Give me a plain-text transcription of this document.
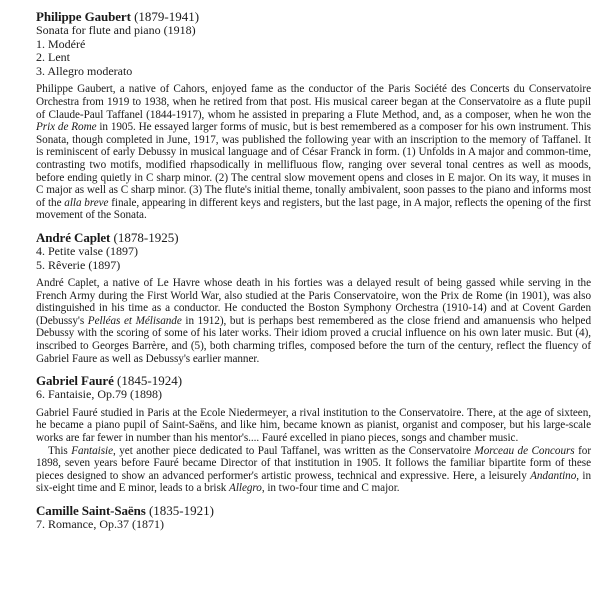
Philippe Gaubert (1879-1941)

Sonata for flute and piano (1918)
1. Modéré
2. Lent
3. Allegro moderato

Philippe Gaubert, a native of Cahors, enjoyed fame as the conductor of the Paris Société des Concerts du Conservatoire Orchestra from 1919 to 1938, when he retired from that post. His musical career began at the Conservatoire as a flute pupil of Claude-Paul Taffanel (1844-1917), whom he assisted in preparing a Flute Method, and, as a composer, when he won the Prix de Rome in 1905. He essayed larger forms of music, but is best remembered as a composer for his own instrument. This Sonata, though completed in June, 1917, was published the following year with an inscription to the memory of Taffanel. It is reminiscent of early Debussy in musical language and of César Franck in form. (1) Unfolds in A major and common-time, contrasting two motifs, modified rhapsodically in mellifluous flow, ranging over several tonal centres as well as moods, before ending quietly in C sharp minor. (2) The central slow movement opens and closes in E major. On its way, it muses in C major as well as C sharp minor. (3) The flute's initial theme, tonally ambivalent, soon passes to the piano and informs most of the alla breve finale, appearing in different keys and registers, but the last page, in A major, reflects the opening of the first movement of the Sonata.

André Caplet (1878-1925)

4. Petite valse (1897)
5. Rêverie (1897)

André Caplet, a native of Le Havre whose death in his forties was a delayed result of being gassed while serving in the French Army during the First World War, also studied at the Paris Conservatoire, won the Prix de Rome (in 1901), was also distinguished in his time as a conductor. He conducted the Boston Symphony Orchestra (1910-14) and at Covent Garden (Debussy's Pelléas et Mélisande in 1912), but is perhaps best remembered as the close friend and amanuensis who helped Debussy with the scoring of some of his later works. Their idiom proved a crucial influence on his own later music. But (4), inscribed to Georges Barrère, and (5), both charming trifles, composed before the turn of the century, reflect the fluency of Gabriel Faure as well as Debussy's earlier manner.

Gabriel Fauré (1845-1924)

6. Fantaisie, Op.79 (1898)

Gabriel Fauré studied in Paris at the Ecole Niedermeyer, a rival institution to the Conservatoire. There, at the age of sixteen, he became a piano pupil of Saint-Saëns, and like him, became known as pianist, organist and composer, but his large-scale works are far fewer in number than his mentor's.... Fauré excelled in piano pieces, songs and chamber music.

This Fantaisie, yet another piece dedicated to Paul Taffanel, was written as the Conservatoire Morceau de Concours for 1898, seven years before Fauré became Director of that institution in 1905. It follows the familiar bipartite form of these pieces designed to show an advanced performer's artistic prowess, technical and expressive. Here, a leisurely Andantino, in six-eight time and E minor, leads to a brisk Allegro, in two-four time and C major.

Camille Saint-Saëns (1835-1921)

7. Romance, Op.37 (1871)
